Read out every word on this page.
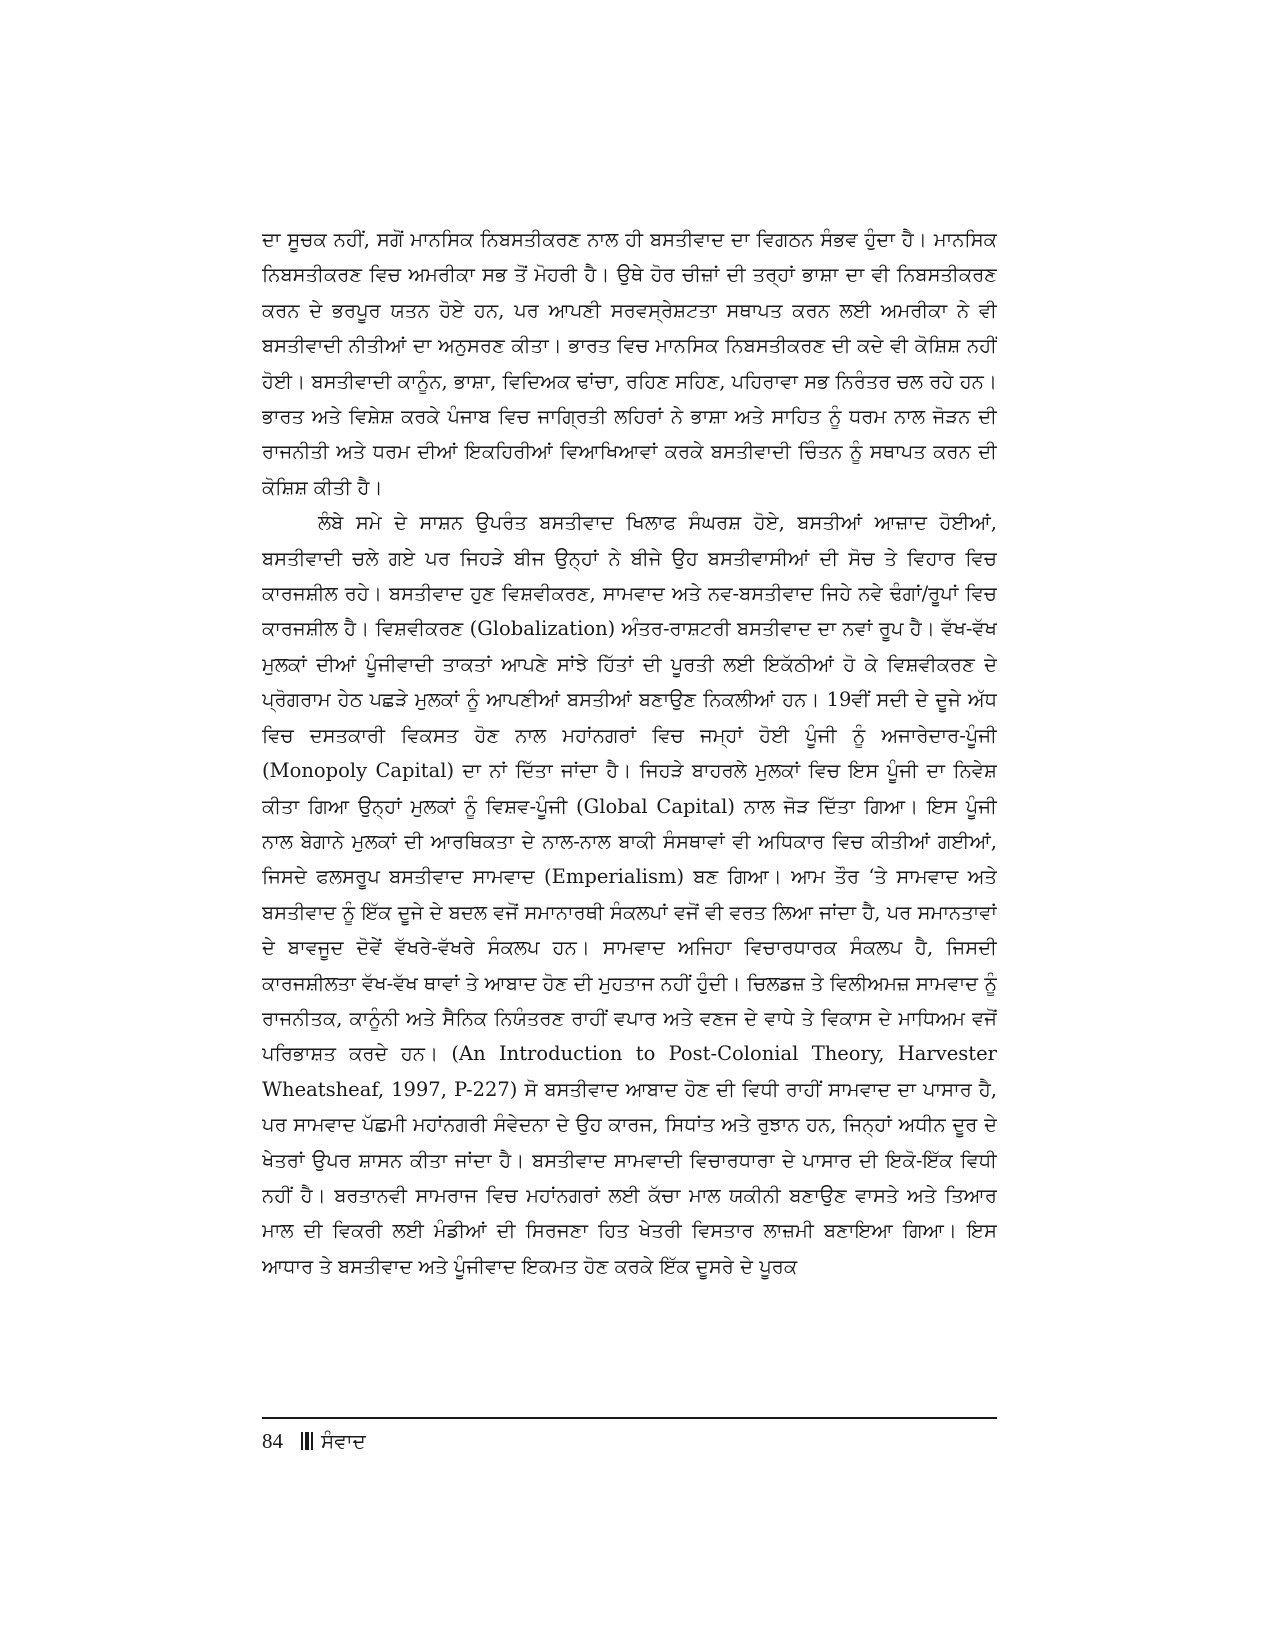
ਦਾ ਸੂਚਕ ਨਹੀਂ, ਸਗੋਂ ਮਾਨਸਿਕ ਨਿਬਸਤੀਕਰਣ ਨਾਲ ਹੀ ਬਸਤੀਵਾਦ ਦਾ ਵਿਗਠਨ ਸੰਭਵ ਹੁੰਦਾ ਹੈ। ਮਾਨਸਿਕ ਨਿਬਸਤੀਕਰਣ ਵਿਚ ਅਮਰੀਕਾ ਸਭ ਤੋਂ ਮੋਹਰੀ ਹੈ। ਉਥੇ ਹੋਰ ਚੀਜ਼ਾਂ ਦੀ ਤਰ੍ਹਾਂ ਭਾਸ਼ਾ ਦਾ ਵੀ ਨਿਬਸਤੀਕਰਣ ਕਰਨ ਦੇ ਭਰਪੂਰ ਯਤਨ ਹੋਏ ਹਨ, ਪਰ ਆਪਣੀ ਸਰਵਸ੍ਰੇਸ਼ਟਤਾ ਸਥਾਪਤ ਕਰਨ ਲਈ ਅਮਰੀਕਾ ਨੇ ਵੀ ਬਸਤੀਵਾਦੀ ਨੀਤੀਆਂ ਦਾ ਅਨੁਸਰਣ ਕੀਤਾ। ਭਾਰਤ ਵਿਚ ਮਾਨਸਿਕ ਨਿਬਸਤੀਕਰਣ ਦੀ ਕਦੇ ਵੀ ਕੋਸ਼ਿਸ਼ ਨਹੀਂ ਹੋਈ। ਬਸਤੀਵਾਦੀ ਕਾਨੂੰਨ, ਭਾਸ਼ਾ, ਵਿਦਿਅਕ ਢਾਂਚਾ, ਰਹਿਣ ਸਹਿਣ, ਪਹਿਰਾਵਾ ਸਭ ਨਿਰੰਤਰ ਚਲ ਰਹੇ ਹਨ। ਭਾਰਤ ਅਤੇ ਵਿਸ਼ੇਸ਼ ਕਰਕੇ ਪੰਜਾਬ ਵਿਚ ਜਾਗ੍ਰਿਤੀ ਲਹਿਰਾਂ ਨੇ ਭਾਸ਼ਾ ਅਤੇ ਸਾਹਿਤ ਨੂੰ ਧਰਮ ਨਾਲ ਜੋੜਨ ਦੀ ਰਾਜਨੀਤੀ ਅਤੇ ਧਰਮ ਦੀਆਂ ਇਕਹਿਰੀਆਂ ਵਿਆਖਿਆਵਾਂ ਕਰਕੇ ਬਸਤੀਵਾਦੀ ਚਿੰਤਨ ਨੂੰ ਸਥਾਪਤ ਕਰਨ ਦੀ ਕੋਸ਼ਿਸ਼ ਕੀਤੀ ਹੈ।

ਲੰਬੇ ਸਮੇ ਦੇ ਸਾਸ਼ਨ ਉਪਰੰਤ ਬਸਤੀਵਾਦ ਖਿਲਾਫ ਸੰਘਰਸ਼ ਹੋਏ, ਬਸਤੀਆਂ ਆਜ਼ਾਦ ਹੋਈਆਂ, ਬਸਤੀਵਾਦੀ ਚਲੇ ਗਏ ਪਰ ਜਿਹੜੇ ਬੀਜ ਉਨ੍ਹਾਂ ਨੇ ਬੀਜੇ ਉਹ ਬਸਤੀਵਾਸੀਆਂ ਦੀ ਸੋਚ ਤੇ ਵਿਹਾਰ ਵਿਚ ਕਾਰਜਸ਼ੀਲ ਰਹੇ। ਬਸਤੀਵਾਦ ਹੁਣ ਵਿਸ਼ਵੀਕਰਣ, ਸਾਮਵਾਦ ਅਤੇ ਨਵ-ਬਸਤੀਵਾਦ ਜਿਹੇ ਨਵੇ ਢੰਗਾਂ/ਰੂਪਾਂ ਵਿਚ ਕਾਰਜਸ਼ੀਲ ਹੈ। ਵਿਸ਼ਵੀਕਰਣ (Globalization) ਅੰਤਰ-ਰਾਸ਼ਟਰੀ ਬਸਤੀਵਾਦ ਦਾ ਨਵਾਂ ਰੂਪ ਹੈ। ਵੱਖ-ਵੱਖ ਮੁਲਕਾਂ ਦੀਆਂ ਪੂੰਜੀਵਾਦੀ ਤਾਕਤਾਂ ਆਪਣੇ ਸਾਂਝੇ ਹਿੱਤਾਂ ਦੀ ਪੂਰਤੀ ਲਈ ਇਕੱਠੀਆਂ ਹੋ ਕੇ ਵਿਸ਼ਵੀਕਰਣ ਦੇ ਪ੍ਰੋਗਰਾਮ ਹੇਠ ਪਛੜੇ ਮੁਲਕਾਂ ਨੂੰ ਆਪਣੀਆਂ ਬਸਤੀਆਂ ਬਣਾਉਣ ਨਿਕਲੀਆਂ ਹਨ। 19ਵੀਂ ਸਦੀ ਦੇ ਦੂਜੇ ਅੱਧ ਵਿਚ ਦਸਤਕਾਰੀ ਵਿਕਸਤ ਹੋਣ ਨਾਲ ਮਹਾਂਨਗਰਾਂ ਵਿਚ ਜਮ੍ਹਾਂ ਹੋਈ ਪੂੰਜੀ ਨੂੰ ਅਜਾਰੇਦਾਰ-ਪੂੰਜੀ (Monopoly Capital) ਦਾ ਨਾਂ ਦਿੱਤਾ ਜਾਂਦਾ ਹੈ। ਜਿਹੜੇ ਬਾਹਰਲੇ ਮੁਲਕਾਂ ਵਿਚ ਇਸ ਪੂੰਜੀ ਦਾ ਨਿਵੇਸ਼ ਕੀਤਾ ਗਿਆ ਉਨ੍ਹਾਂ ਮੁਲਕਾਂ ਨੂੰ ਵਿਸ਼ਵ-ਪੂੰਜੀ (Global Capital) ਨਾਲ ਜੋੜ ਦਿੱਤਾ ਗਿਆ। ਇਸ ਪੂੰਜੀ ਨਾਲ ਬੇਗਾਨੇ ਮੁਲਕਾਂ ਦੀ ਆਰਥਿਕਤਾ ਦੇ ਨਾਲ-ਨਾਲ ਬਾਕੀ ਸੰਸਥਾਵਾਂ ਵੀ ਅਧਿਕਾਰ ਵਿਚ ਕੀਤੀਆਂ ਗਈਆਂ, ਜਿਸਦੇ ਫਲਸਰੂਪ ਬਸਤੀਵਾਦ ਸਾਮਵਾਦ (Emperialism) ਬਣ ਗਿਆ। ਆਮ ਤੌਰ ‘ਤੇ ਸਾਮਵਾਦ ਅਤੇ ਬਸਤੀਵਾਦ ਨੂੰ ਇੱਕ ਦੂਜੇ ਦੇ ਬਦਲ ਵਜੋਂ ਸਮਾਨਾਰਥੀ ਸੰਕਲਪਾਂ ਵਜੋਂ ਵੀ ਵਰਤ ਲਿਆ ਜਾਂਦਾ ਹੈ, ਪਰ ਸਮਾਨਤਾਵਾਂ ਦੇ ਬਾਵਜੂਦ ਦੋਵੇਂ ਵੱਖਰੇ-ਵੱਖਰੇ ਸੰਕਲਪ ਹਨ। ਸਾਮਵਾਦ ਅਜਿਹਾ ਵਿਚਾਰਧਾਰਕ ਸੰਕਲਪ ਹੈ, ਜਿਸਦੀ ਕਾਰਜਸ਼ੀਲਤਾ ਵੱਖ-ਵੱਖ ਥਾਵਾਂ ਤੇ ਆਬਾਦ ਹੋਣ ਦੀ ਮੁਹਤਾਜ ਨਹੀਂ ਹੁੰਦੀ। ਚਿਲਡਜ਼ ਤੇ ਵਿਲੀਅਮਜ਼ ਸਾਮਵਾਦ ਨੂੰ ਰਾਜਨੀਤਕ, ਕਾਨੂੰਨੀ ਅਤੇ ਸੈਨਿਕ ਨਿਯੰਤਰਣ ਰਾਹੀਂ ਵਪਾਰ ਅਤੇ ਵਣਜ ਦੇ ਵਾਧੇ ਤੇ ਵਿਕਾਸ ਦੇ ਮਾਧਿਅਮ ਵਜੋਂ ਪਰਿਭਾਸ਼ਤ ਕਰਦੇ ਹਨ। (An Introduction to Post-Colonial Theory, Harvester Wheatsheaf, 1997, P-227) ਸੋ ਬਸਤੀਵਾਦ ਆਬਾਦ ਹੋਣ ਦੀ ਵਿਧੀ ਰਾਹੀਂ ਸਾਮਵਾਦ ਦਾ ਪਾਸਾਰ ਹੈ, ਪਰ ਸਾਮਵਾਦ ਪੱਛਮੀ ਮਹਾਂਨਗਰੀ ਸੰਵੇਦਨਾ ਦੇ ਉਹ ਕਾਰਜ, ਸਿਧਾਂਤ ਅਤੇ ਰੁਝਾਨ ਹਨ, ਜਿਨ੍ਹਾਂ ਅਧੀਨ ਦੂਰ ਦੇ ਖੇਤਰਾਂ ਉਪਰ ਸ਼ਾਸਨ ਕੀਤਾ ਜਾਂਦਾ ਹੈ। ਬਸਤੀਵਾਦ ਸਾਮਵਾਦੀ ਵਿਚਾਰਧਾਰਾ ਦੇ ਪਾਸਾਰ ਦੀ ਇਕੋ-ਇੱਕ ਵਿਧੀ ਨਹੀਂ ਹੈ। ਬਰਤਾਨਵੀ ਸਾਮਰਾਜ ਵਿਚ ਮਹਾਂਨਗਰਾਂ ਲਈ ਕੱਚਾ ਮਾਲ ਯਕੀਨੀ ਬਣਾਉਣ ਵਾਸਤੇ ਅਤੇ ਤਿਆਰ ਮਾਲ ਦੀ ਵਿਕਰੀ ਲਈ ਮੰਡੀਆਂ ਦੀ ਸਿਰਜਣਾ ਹਿਤ ਖੇਤਰੀ ਵਿਸਤਾਰ ਲਾਜ਼ਮੀ ਬਣਾਇਆ ਗਿਆ। ਇਸ ਆਧਾਰ ਤੇ ਬਸਤੀਵਾਦ ਅਤੇ ਪੂੰਜੀਵਾਦ ਇਕਮਤ ਹੋਣ ਕਰਕੇ ਇੱਕ ਦੂਸਰੇ ਦੇ ਪੂਰਕ

84 ਸੰਵਾਦ
